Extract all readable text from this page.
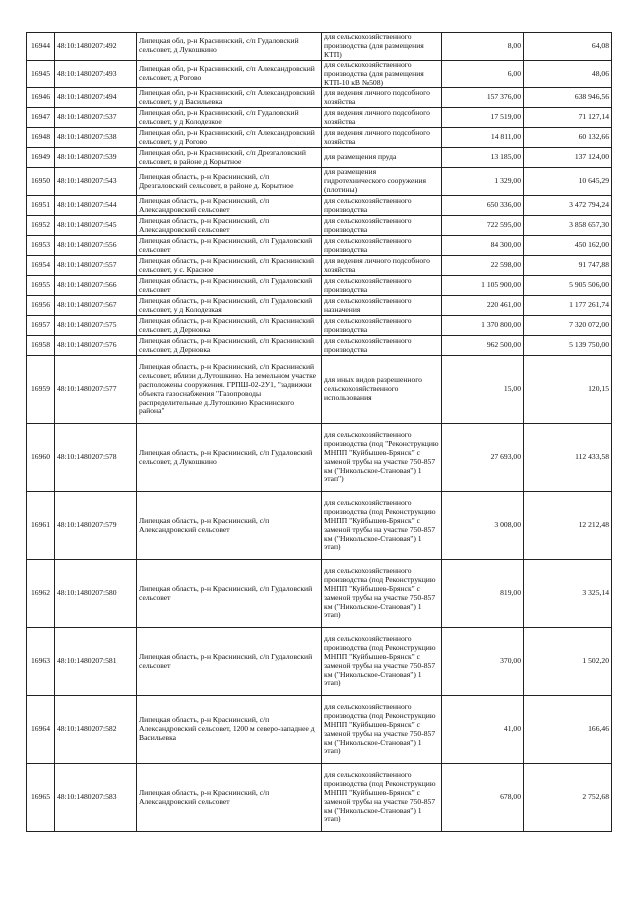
16944	48:10:1480207:492	Липецкая обл, р-н Краснинский, с/п Гудаловский сельсовет, д Лукошкино	для сельскохозяйственного производства (для размещения КТП)	8,00	64,08
16945	48:10:1480207:493	Липецкая обл, р-н Краснинский, с/п Александровский сельсовет, д Рогово	для сельскохозяйственного производства (для размещения КТП-10 кВ №508)	6,00	48,06
16946	48:10:1480207:494	Липецкая обл, р-н Краснинский, с/п Александровский сельсовет, у д Васильевка	для ведения личного подсобного хозяйства	157 376,00	638 946,56
16947	48:10:1480207:537	Липецкая обл, р-н Краснинский, с/п Гудаловский сельсовет, у д Колодезкое	для ведения личного подсобного хозяйства	17 519,00	71 127,14
16948	48:10:1480207:538	Липецкая обл, р-н Краснинский, с/п Александровский сельсовет, у д Рогово	для ведения личного подсобного хозяйства	14 811,00	60 132,66
16949	48:10:1480207:539	Липецкая обл, р-н Краснинский, с/п Дрезгаловский сельсовет, в районе д Корытное	для размещения пруда	13 185,00	137 124,00
16950	48:10:1480207:543	Липецкая область, р-н Краснинский, с/п Дрезгаловский сельсовет, в районе д. Корытное	для размещения гидротехнического сооружения (плотины)	1 329,00	10 645,29
16951	48:10:1480207:544	Липецкая область, р-н Краснинский, с/п Александровский сельсовет	для сельскохозяйственного производства	650 336,00	3 472 794,24
16952	48:10:1480207:545	Липецкая область, р-н Краснинский, с/п Александровский сельсовет	для сельскохозяйственного производства	722 595,00	3 858 657,30
16953	48:10:1480207:556	Липецкая область, р-н Краснинский, с/п Гудаловский сельсовет	для сельскохозяйственного производства	84 300,00	450 162,00
16954	48:10:1480207:557	Липецкая область, р-н Краснинский, с/п Краснинский сельсовет, у с. Красное	для ведения личного подсобного хозяйства	22 598,00	91 747,88
16955	48:10:1480207:566	Липецкая область, р-н Краснинский, с/п Гудаловский сельсовет	для сельскохозяйственного производства	1 105 900,00	5 905 506,00
16956	48:10:1480207:567	Липецкая область, р-н Краснинский, с/п Гудаловский сельсовет, у д Колодезкая	для сельскохозяйственного назначения	220 461,00	1 177 261,74
16957	48:10:1480207:575	Липецкая область, р-н Краснинский, с/п Краснинский сельсовет, д Дерновка	для сельскохозяйственного производства	1 370 800,00	7 320 072,00
16958	48:10:1480207:576	Липецкая область, р-н Краснинский, с/п Краснинский сельсовет, д Дерновка	для сельскохозяйственного производства	962 500,00	5 139 750,00
16959	48:10:1480207:577	Липецкая область, р-н Краснинский, с/п Краснинский сельсовет, вблизи д.Лутошкино. На земельном участке расположены сооружения. ГРПШ-02-2У1, "задвижки объекта газоснабжения "Газопроводы распределительные д.Лутошкино Краснинского района"	для иных видов разрешенного сельскохозяйственного использования	15,00	120,15
16960	48:10:1480207:578	Липецкая область, р-н Краснинский, с/п Гудаловский сельсовет, д Лукошкино	для сельскохозяйственного производства (под "Реконструкцию МНПП "Куйбышев-Брянск" с заменой трубы на участке 750-857 км ("Никольское-Становая") 1 этап")	27 693,00	112 433,58
16961	48:10:1480207:579	Липецкая область, р-н Краснинский, с/п Александровский сельсовет	для сельскохозяйственного производства (под Реконструкцию МНПП "Куйбышев-Брянск" с заменой трубы на участке 750-857 км ("Никольское-Становая") 1 этап)	3 008,00	12 212,48
16962	48:10:1480207:580	Липецкая область, р-н Краснинский, с/п Гудаловский сельсовет	для сельскохозяйственного производства (под Реконструкцию МНПП "Куйбышев-Брянск" с заменой трубы на участке 750-857 км ("Никольское-Становая") 1 этап)	819,00	3 325,14
16963	48:10:1480207:581	Липецкая область, р-н Краснинский, с/п Гудаловский сельсовет	для сельскохозяйственного производства (под Реконструкцию МНПП "Куйбышев-Брянск" с заменой трубы на участке 750-857 км ("Никольское-Становая") 1 этап)	370,00	1 502,20
16964	48:10:1480207:582	Липецкая область, р-н Краснинский, с/п Александровский сельсовет, 1200 м северо-западнее д Васильевка	для сельскохозяйственного производства (под Реконструкцию МНПП "Куйбышев-Брянск" с заменой трубы на участке 750-857 км ("Никольское-Становая") 1 этап)	41,00	166,46
16965	48:10:1480207:583	Липецкая область, р-н Краснинский, с/п Александровский сельсовет	для сельскохозяйственного производства (под Реконструкцию МНПП "Куйбышев-Брянск" с заменой трубы на участке 750-857 км ("Никольское-Становая") 1 этап)	678,00	2 752,68
